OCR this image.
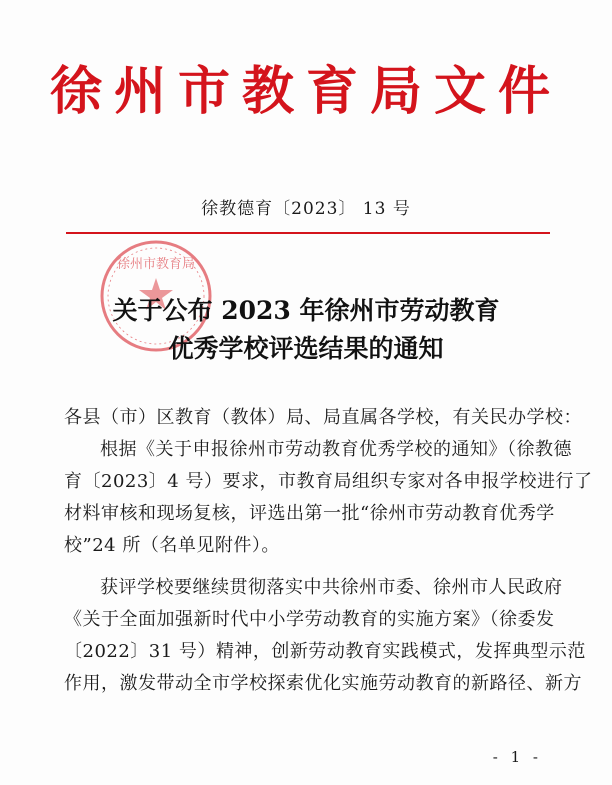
徐州市教育局文件
徐教德育〔2023〕 13 号
徐州市教育局
关于公布 2023 年徐州市劳动教育
优秀学校评选结果的通知
各县（市）区教育（教体）局、局直属各学校，有关民办学校：
根据《关于申报徐州市劳动教育优秀学校的通知》（徐教德
育〔2023〕4 号）要求，市教育局组织专家对各申报学校进行了
材料审核和现场复核，评选出第一批“徐州市劳动教育优秀学
校”24 所（名单见附件）。
获评学校要继续贯彻落实中共徐州市委、徐州市人民政府
《关于全面加强新时代中小学劳动教育的实施方案》（徐委发
〔2022〕31 号）精神，创新劳动教育实践模式，发挥典型示范
作用，激发带动全市学校探索优化实施劳动教育的新路径、新方
- 1 -
